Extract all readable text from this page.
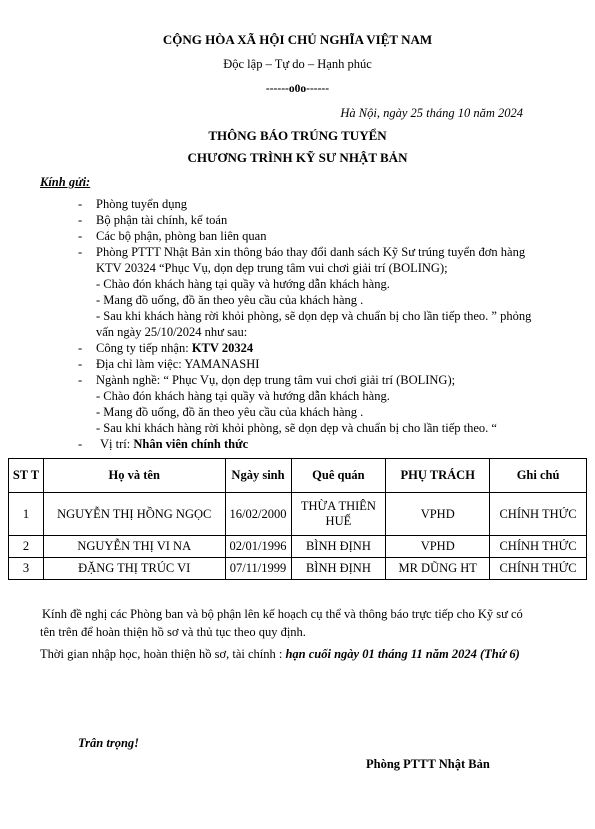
CỘNG HÒA XÃ HỘI CHỦ NGHĨA VIỆT NAM
Độc lập – Tự do – Hạnh phúc
------o0o------
Hà Nội, ngày 25 tháng 10 năm 2024
THÔNG BÁO TRÚNG TUYỂN
CHƯƠNG TRÌNH KỸ SƯ NHẬT BẢN
Kính gửi:
- Phòng tuyển dụng
- Bộ phận tài chính, kế toán
- Các bộ phận, phòng ban liên quan
- Phòng PTTT Nhật Bản xin thông báo thay đổi danh sách Kỹ Sư trúng tuyển đơn hàng
KTV 20324 “Phục Vụ, dọn dẹp trung tâm vui chơi giải trí (BOLING);
- Chào đón khách hàng tại quầy và hướng dẫn khách hàng.
- Mang đồ uống, đồ ăn theo yêu cầu của khách hàng .
- Sau khi khách hàng rời khỏi phòng, sẽ dọn dẹp và chuẩn bị cho lần tiếp theo. ” phỏng
vấn ngày 25/10/2024 như sau:
- Công ty tiếp nhận: KTV 20324
- Địa chỉ làm việc: YAMANASHI
- Ngành nghề: “ Phục Vụ, dọn dẹp trung tâm vui chơi giải trí (BOLING);
- Chào đón khách hàng tại quầy và hướng dẫn khách hàng.
- Mang đồ uống, đồ ăn theo yêu cầu của khách hàng .
- Sau khi khách hàng rời khỏi phòng, sẽ dọn dẹp và chuẩn bị cho lần tiếp theo. “
- Vị trí: Nhân viên chính thức
ST T	Họ và tên	Ngày sinh	Quê quán	PHỤ TRÁCH	Ghi chú
1	NGUYỄN THỊ HỒNG NGỌC	16/02/2000	THỪA THIÊN HUẾ	VPHD	CHÍNH THỨC
2	NGUYỄN THỊ VI NA	02/01/1996	BÌNH ĐỊNH	VPHD	CHÍNH THỨC
3	ĐẶNG THỊ TRÚC VI	07/11/1999	BÌNH ĐỊNH	MR DŨNG HT	CHÍNH THỨC
Kính đề nghị các Phòng ban và bộ phận lên kế hoạch cụ thể và thông báo trực tiếp cho Kỹ sư có
tên trên để hoàn thiện hồ sơ và thủ tục theo quy định.
Thời gian nhập học, hoàn thiện hồ sơ, tài chính : hạn cuối ngày 01 tháng 11 năm 2024 (Thứ 6)
Trân trọng!
Phòng PTTT Nhật Bản
